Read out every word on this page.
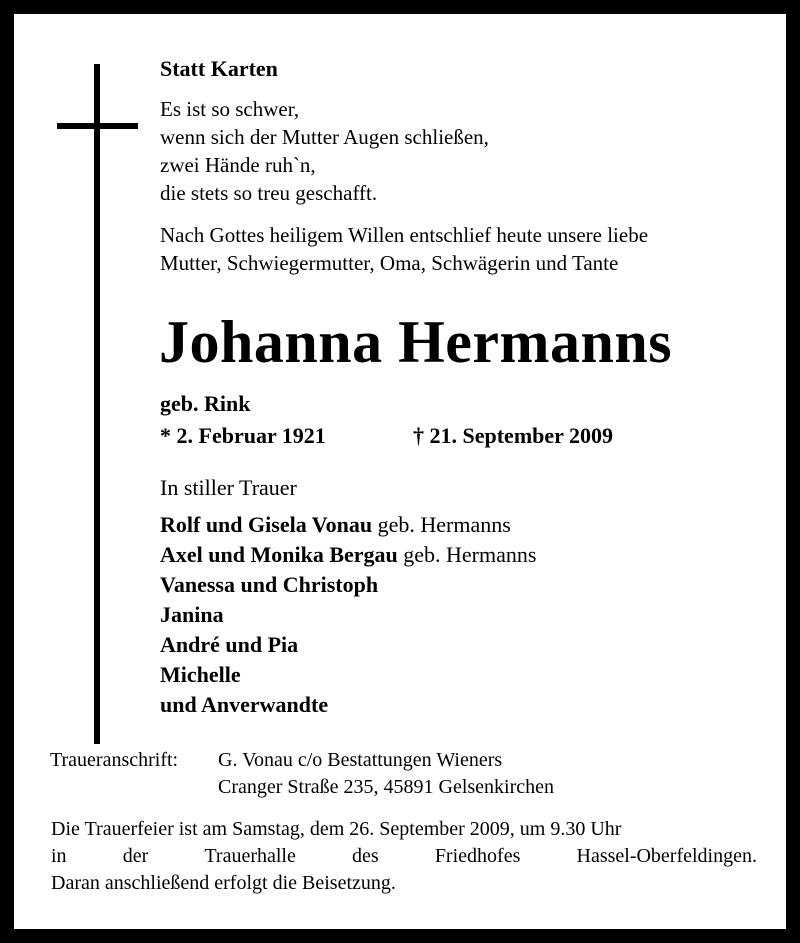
Statt Karten
Es ist so schwer,
wenn sich der Mutter Augen schließen,
zwei Hände ruh`n,
die stets so treu geschafft.
Nach Gottes heiligem Willen entschlief heute unsere liebe
Mutter, Schwiegermutter, Oma, Schwägerin und Tante
Johanna Hermanns
geb. Rink
* 2. Februar 1921	† 21. September 2009
In stiller Trauer
Rolf und Gisela Vonau geb. Hermanns
Axel und Monika Bergau geb. Hermanns
Vanessa und Christoph
Janina
André und Pia
Michelle
und Anverwandte
Traueranschrift: G. Vonau c/o Bestattungen Wieners
Cranger Straße 235, 45891 Gelsenkirchen
Die Trauerfeier ist am Samstag, dem 26. September 2009, um 9.30 Uhr
in	der	Trauerhalle	des	Friedhofes	Hassel-Oberfeldingen.
Daran anschließend erfolgt die Beisetzung.
